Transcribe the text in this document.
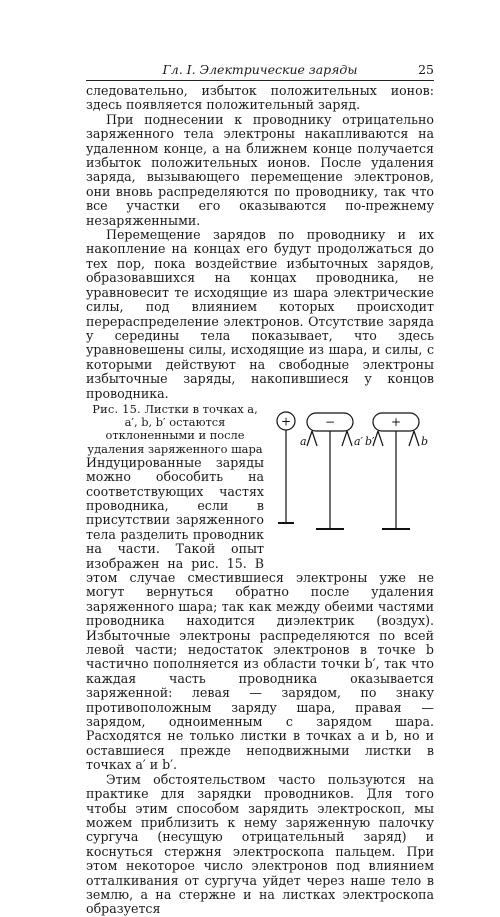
Гл. I. Электрические заряды	25

следовательно, избыток положительных ионов: здесь появляется положительный заряд.

При поднесении к проводнику отрицательно заряженного тела электроны накапливаются на удаленном конце, а на ближнем конце получается избыток положительных ионов. После удаления заряда, вызывающего перемещение электронов, они вновь распределяются по проводнику, так что все участки его оказываются по-прежнему незаряженными.

Перемещение зарядов по проводнику и их накопление на концах его будут продолжаться до тех пор, пока воздействие избыточных зарядов, образовавшихся на концах проводника, не уравновесит те исходящие из шара электрические силы, под влиянием которых происходит перераспределение электронов. Отсутствие заряда у середины тела показывает, что здесь уравновешены силы, исходящие из шара, и силы, с которыми действуют на свободные электроны избыточные заряды, накопившиеся у концов проводника.

+	−	+
a	a′ b′	b

Рис. 15. Листки в точках a, a′, b, b′ остаются отклоненными и после удаления заряженного шара
Индуцированные заряды можно обособить на соответствующих частях проводника, если в присутствии заряженного тела разделить проводник на части. Такой опыт изображен на рис. 15. В этом случае сместившиеся электроны уже не могут вернуться обратно после удаления заряженного шара; так как между обеими частями проводника находится диэлектрик (воздух). Избыточные электроны распределяются по всей левой части; недостаток электронов в точке b частично пополняется из области точки b′, так что каждая часть проводника оказывается заряженной: левая — зарядом, по знаку противоположным заряду шара, правая — зарядом, одноименным с зарядом шара. Расходятся не только листки в точках a и b, но и оставшиеся прежде неподвижными листки в точках a′ и b′.

Этим обстоятельством часто пользуются на практике для зарядки проводников. Для того чтобы этим способом зарядить электроскоп, мы можем приблизить к нему заряженную палочку сургуча (несущую отрицательный заряд) и коснуться стержня электроскопа пальцем. При этом некоторое число электронов под влиянием отталкивания от сургуча уйдет через наше тело в землю, а на стержне и на листках электроскопа образуется
